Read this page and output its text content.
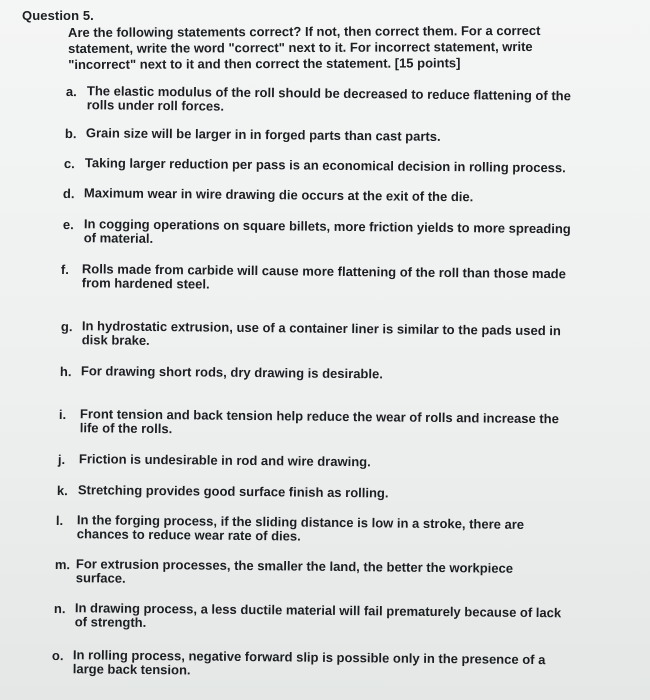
Question 5.
Are the following statements correct? If not, then correct them. For a correct
statement, write the word "correct" next to it. For incorrect statement, write
"incorrect" next to it and then correct the statement. [15 points]
a. The elastic modulus of the roll should be decreased to reduce flattening of the
rolls under roll forces.
b. Grain size will be larger in in forged parts than cast parts.
c. Taking larger reduction per pass is an economical decision in rolling process.
d. Maximum wear in wire drawing die occurs at the exit of the die.
e. In cogging operations on square billets, more friction yields to more spreading
of material.
f. Rolls made from carbide will cause more flattening of the roll than those made
from hardened steel.
g. In hydrostatic extrusion, use of a container liner is similar to the pads used in
disk brake.
h. For drawing short rods, dry drawing is desirable.
i.	Front tension and back tension help reduce the wear of rolls and increase the
life of the rolls.
j.	Friction is undesirable in rod and wire drawing.
k. Stretching provides good surface finish as rolling.
l.	In the forging process, if the sliding distance is low in a stroke, there are
chances to reduce wear rate of dies.
m. For extrusion processes, the smaller the land, the better the workpiece
surface.
n. In drawing process, a less ductile material will fail prematurely because of lack
of strength.
o. In rolling process, negative forward slip is possible only in the presence of a
large back tension.
